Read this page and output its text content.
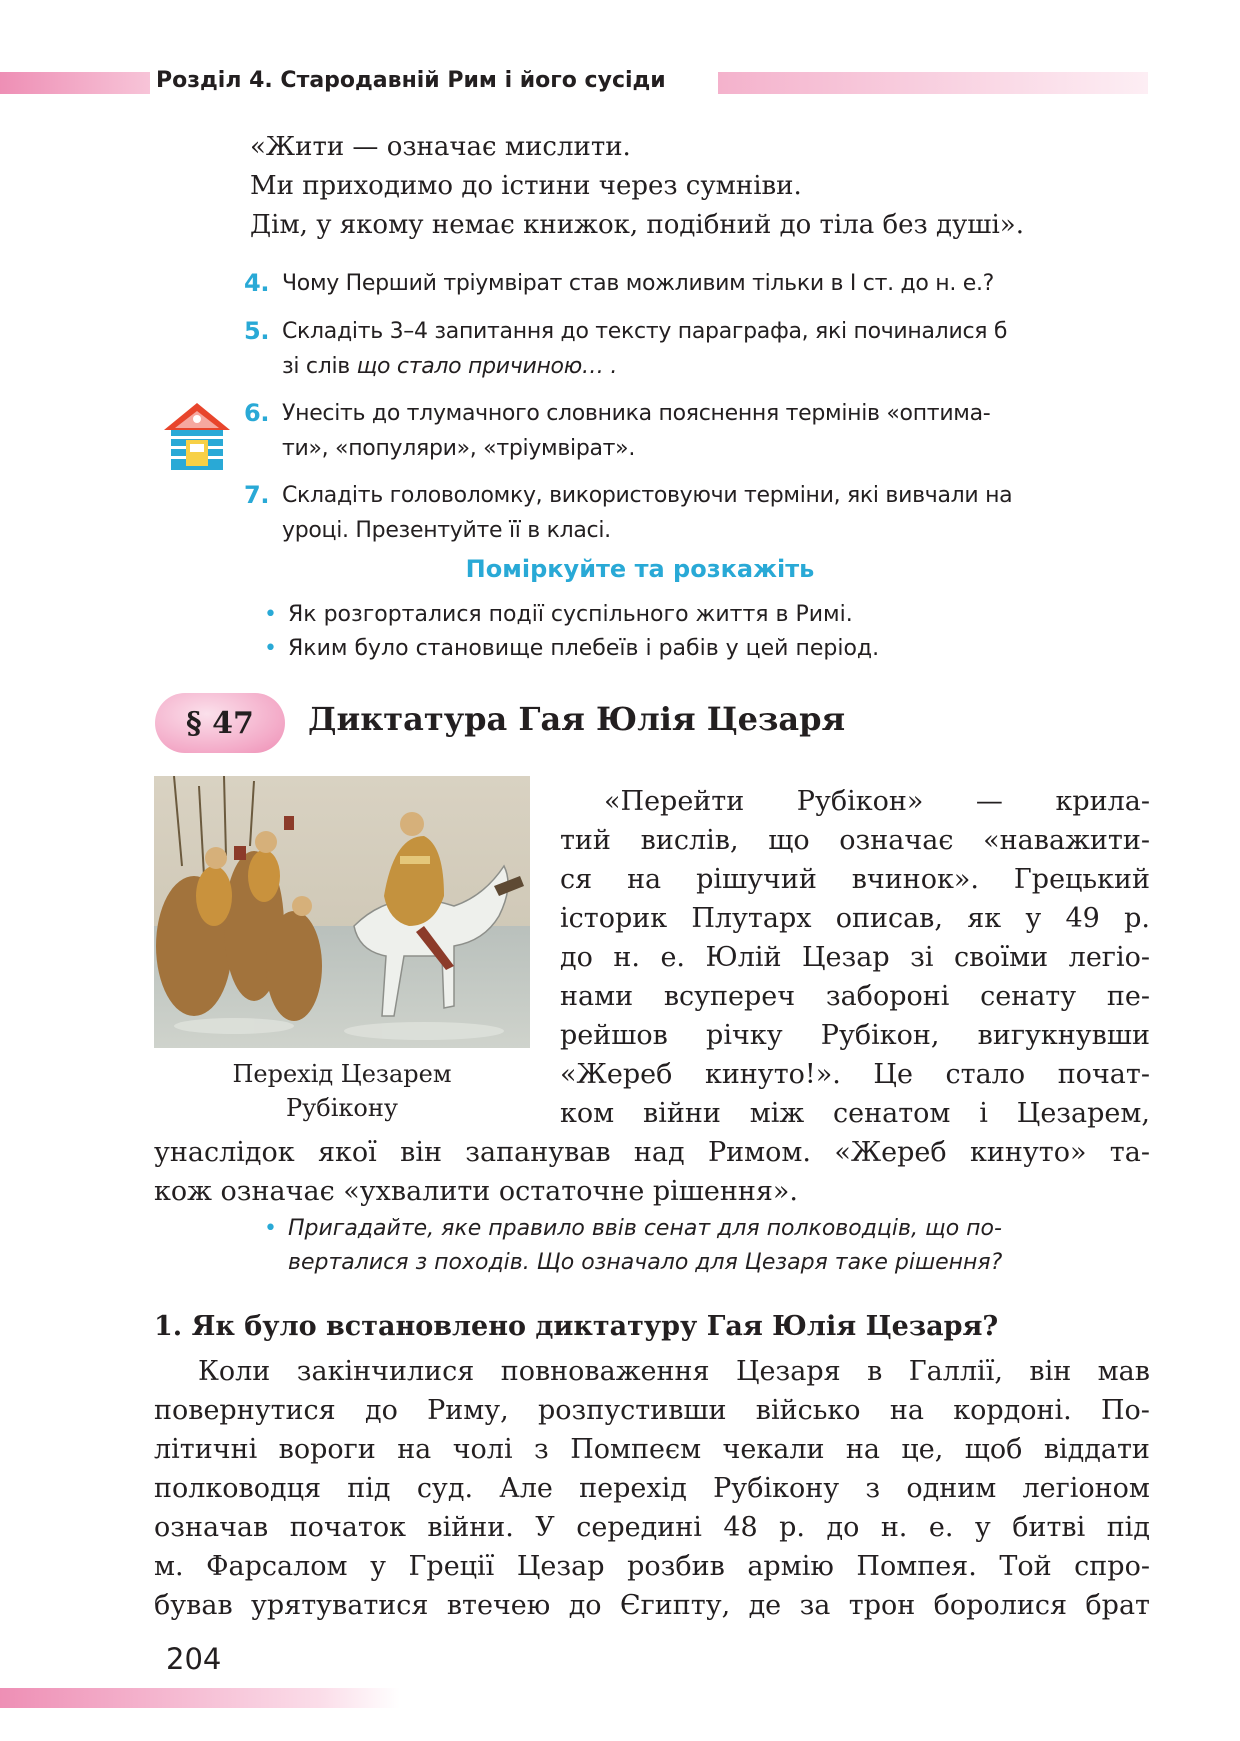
Розділ 4. Стародавній Рим і його сусіди
«Жити — означає мислити.
Ми приходимо до істини через сумніви.
Дім, у якому немає книжок, подібний до тіла без душі».
4. Чому Перший тріумвірат став можливим тільки в І ст. до н. е.?
5. Складіть 3–4 запитання до тексту параграфа, які починалися б
зі слів що стало причиною… .
6. Унесіть до тлумачного словника пояснення термінів «оптима-
ти», «популяри», «тріумвірат».
7. Складіть головоломку, використовуючи терміни, які вивчали на
уроці. Презентуйте її в класі.
Поміркуйте та розкажіть
• Як розгорталися події суспільного життя в Римі.
• Яким було становище плебеїв і рабів у цей період.
§ 47	Диктатура Гая Юлія Цезаря
Перехід Цезарем
Рубікону
«Перейти Рубікон» — крила-
тий вислів, що означає «наважити-
ся на рішучий вчинок». Грецький
історик Плутарх описав, як у 49 р.
до н. е. Юлій Цезар зі своїми легіо-
нами всупереч забороні сенату пе-
рейшов річку Рубікон, вигукнувши
«Жереб кинуто!». Це стало почат-
ком війни між сенатом і Цезарем,
унаслідок якої він запанував над Римом. «Жереб кинуто» та-
кож означає «ухвалити остаточне рішення».
• Пригадайте, яке правило ввів сенат для полководців, що по-
верталися з походів. Що означало для Цезаря таке рішення?
1. Як було встановлено диктатуру Гая Юлія Цезаря?
Коли закінчилися повноваження Цезаря в Галлії, він мав
повернутися до Риму, розпустивши військо на кордоні. По-
літичні вороги на чолі з Помпеєм чекали на це, щоб віддати
полководця під суд. Але перехід Рубікону з одним легіоном
означав початок війни. У середині 48 р. до н. е. у битві під
м. Фарсалом у Греції Цезар розбив армію Помпея. Той спро-
бував урятуватися втечею до Єгипту, де за трон боролися брат
204
